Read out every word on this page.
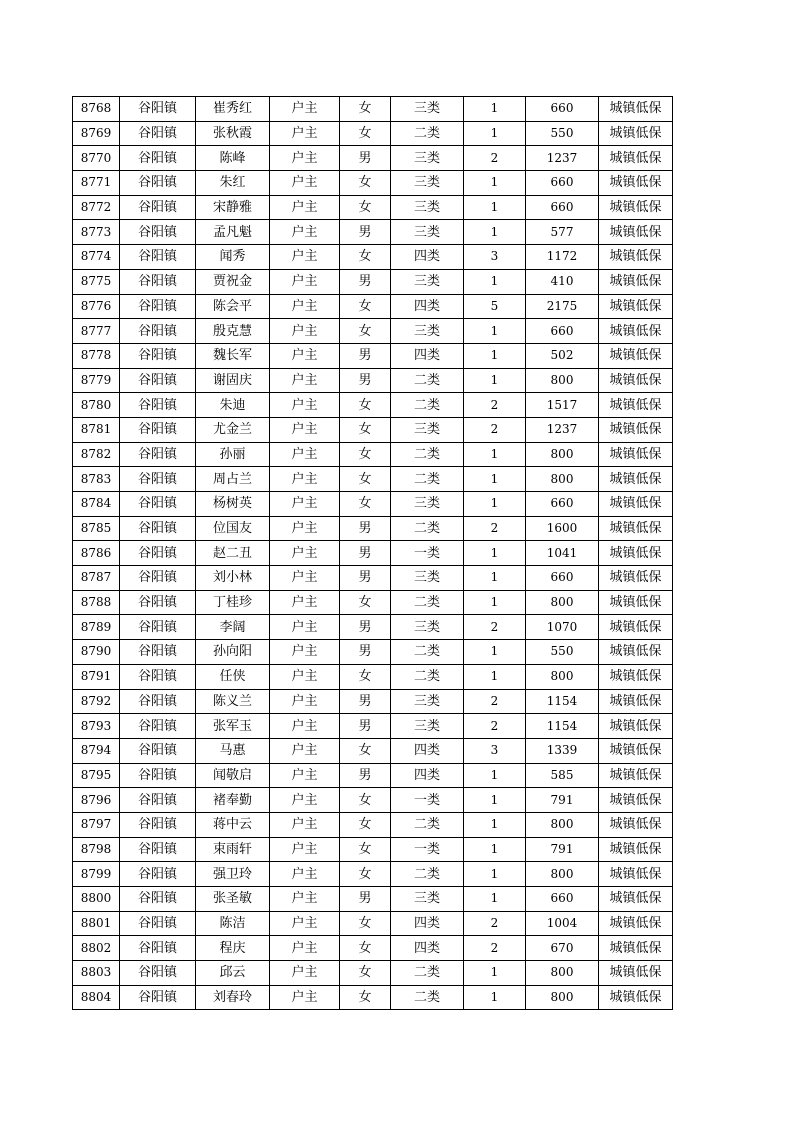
8768	谷阳镇	崔秀红	户主	女	三类	1	660	城镇低保
8769	谷阳镇	张秋霞	户主	女	二类	1	550	城镇低保
8770	谷阳镇	陈峰	户主	男	三类	2	1237	城镇低保
8771	谷阳镇	朱红	户主	女	三类	1	660	城镇低保
8772	谷阳镇	宋静雅	户主	女	三类	1	660	城镇低保
8773	谷阳镇	孟凡魁	户主	男	三类	1	577	城镇低保
8774	谷阳镇	闻秀	户主	女	四类	3	1172	城镇低保
8775	谷阳镇	贾祝金	户主	男	三类	1	410	城镇低保
8776	谷阳镇	陈会平	户主	女	四类	5	2175	城镇低保
8777	谷阳镇	殷克慧	户主	女	三类	1	660	城镇低保
8778	谷阳镇	魏长军	户主	男	四类	1	502	城镇低保
8779	谷阳镇	谢固庆	户主	男	二类	1	800	城镇低保
8780	谷阳镇	朱迪	户主	女	二类	2	1517	城镇低保
8781	谷阳镇	尤金兰	户主	女	三类	2	1237	城镇低保
8782	谷阳镇	孙丽	户主	女	二类	1	800	城镇低保
8783	谷阳镇	周占兰	户主	女	二类	1	800	城镇低保
8784	谷阳镇	杨树英	户主	女	三类	1	660	城镇低保
8785	谷阳镇	位国友	户主	男	二类	2	1600	城镇低保
8786	谷阳镇	赵二丑	户主	男	一类	1	1041	城镇低保
8787	谷阳镇	刘小林	户主	男	三类	1	660	城镇低保
8788	谷阳镇	丁桂珍	户主	女	二类	1	800	城镇低保
8789	谷阳镇	李阔	户主	男	三类	2	1070	城镇低保
8790	谷阳镇	孙向阳	户主	男	二类	1	550	城镇低保
8791	谷阳镇	任侠	户主	女	二类	1	800	城镇低保
8792	谷阳镇	陈义兰	户主	男	三类	2	1154	城镇低保
8793	谷阳镇	张军玉	户主	男	三类	2	1154	城镇低保
8794	谷阳镇	马惠	户主	女	四类	3	1339	城镇低保
8795	谷阳镇	闻敬启	户主	男	四类	1	585	城镇低保
8796	谷阳镇	褚奉勤	户主	女	一类	1	791	城镇低保
8797	谷阳镇	蒋中云	户主	女	二类	1	800	城镇低保
8798	谷阳镇	束雨轩	户主	女	一类	1	791	城镇低保
8799	谷阳镇	强卫玲	户主	女	二类	1	800	城镇低保
8800	谷阳镇	张圣敏	户主	男	三类	1	660	城镇低保
8801	谷阳镇	陈洁	户主	女	四类	2	1004	城镇低保
8802	谷阳镇	程庆	户主	女	四类	2	670	城镇低保
8803	谷阳镇	邱云	户主	女	二类	1	800	城镇低保
8804	谷阳镇	刘春玲	户主	女	二类	1	800	城镇低保
